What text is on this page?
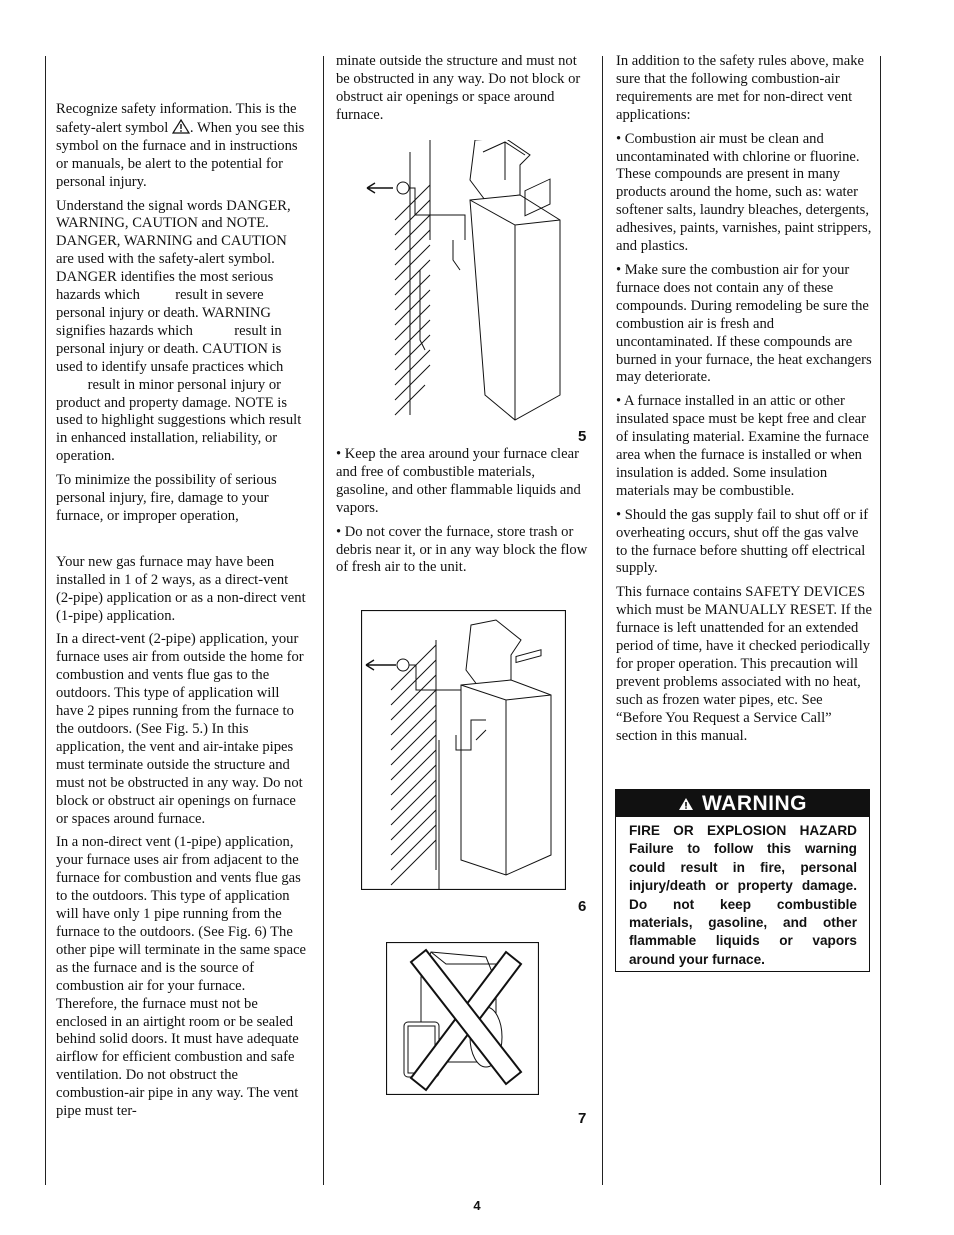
Recognize safety information. This is the safety-alert symbol . When you see this symbol on the furnace and in instructions or manuals, be alert to the potential for personal injury.

Understand the signal words DANGER, WARNING, CAUTION and NOTE. DANGER, WARNING and CAUTION are used with the safety-alert symbol. DANGER identifies the most serious hazards which result in severe personal injury or death. WARNING signifies hazards which	result in personal injury or death. CAUTION is used to identify unsafe practices which  result in minor personal injury or product and property damage. NOTE is used to highlight suggestions which result in enhanced installation, reliability, or operation.

To minimize the possibility of serious personal injury, fire, damage to your furnace, or improper operation,

Your new gas furnace may have been installed in 1 of 2 ways, as a direct-vent (2-pipe) application or as a non-direct vent (1-pipe) application.

In a direct-vent (2-pipe) application, your furnace uses air from outside the home for combustion and vents flue gas to the outdoors. This type of application will have 2 pipes running from the furnace to the outdoors. (See Fig. 5.) In this application, the vent and air-intake pipes must terminate outside the structure and must not be obstructed in any way. Do not block or obstruct air openings on furnace or spaces around furnace.

In a non-direct vent (1-pipe) application, your furnace uses air from adjacent to the furnace for combustion and vents flue gas to the outdoors. This type of application will have only 1 pipe running from the furnace to the outdoors. (See Fig. 6) The other pipe will terminate in the same space as the furnace and is the source of combustion air for your furnace. Therefore, the furnace must not be enclosed in an airtight room or be sealed behind solid doors. It must have adequate airflow for efficient combustion and safe ventilation. Do not obstruct the combustion-air pipe in any way. The vent pipe must ter-

minate outside the structure and must not be obstructed in any way. Do not block or obstruct air openings or space around furnace.

• Keep the area around your furnace clear and free of combustible materials, gasoline, and other flammable liquids and vapors.

• Do not cover the furnace, store trash or debris near it, or in any way block the flow of fresh air to the unit.

5
6
7

In addition to the safety rules above, make sure that the following combustion-air requirements are met for non-direct vent applications:

• Combustion air must be clean and uncontaminated with chlorine or fluorine. These compounds are present in many products around the home, such as: water softener salts, laundry bleaches, detergents, adhesives, paints, varnishes, paint strippers, and plastics.

• Make sure the combustion air for your furnace does not contain any of these compounds. During remodeling be sure the combustion air is fresh and uncontaminated. If these compounds are burned in your furnace, the heat exchangers may deteriorate.

• A furnace installed in an attic or other insulated space must be kept free and clear of insulating material. Examine the furnace area when the furnace is installed or when insulation is added. Some insulation materials may be combustible.

• Should the gas supply fail to shut off or if overheating occurs, shut off the gas valve to the furnace before shutting off electrical supply.

This furnace contains SAFETY DEVICES which must be MANUALLY RESET. If the furnace is left unattended for an extended period of time, have it checked periodically for proper operation. This precaution will prevent problems associated with no heat, such as frozen water pipes, etc. See “Before You Request a Service Call” section in this manual.

WARNING
FIRE OR EXPLOSION HAZARD Failure to follow this warning could result in fire, personal injury/death or property damage. Do not keep combustible materials, gasoline, and other flammable liquids or vapors around your furnace.
4
